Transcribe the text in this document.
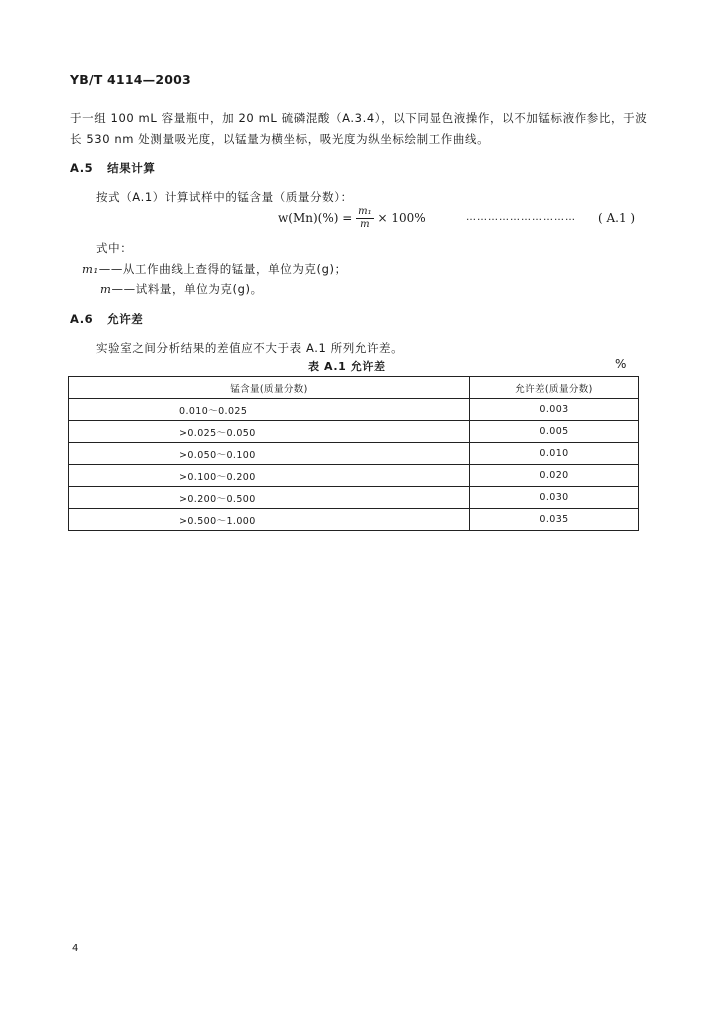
YB/T 4114—2003
于一组 100 mL 容量瓶中，加 20 mL 硫磷混酸（A.3.4），以下同显色液操作，以不加锰标液作参比，于波
长 530 nm 处测量吸光度，以锰量为横坐标，吸光度为纵坐标绘制工作曲线。
A.5 结果计算
按式（A.1）计算试样中的锰含量（质量分数）：
$w(Mn)(\%) = \frac{\text{m₁}}{m} \times 100\%$	………………………… ( A.1 )
式中：
m₁——从工作曲线上查得的锰量，单位为克(g)；
m——试料量，单位为克(g)。
A.6 允许差
实验室之间分析结果的差值应不大于表 A.1 所列允许差。
表 A.1 允许差	%
锰含量(质量分数)	允许差(质量分数)
0.010～0.025	0.003
>0.025～0.050	0.005
>0.050～0.100	0.010
>0.100～0.200	0.020
>0.200～0.500	0.030
>0.500～1.000	0.035
4
